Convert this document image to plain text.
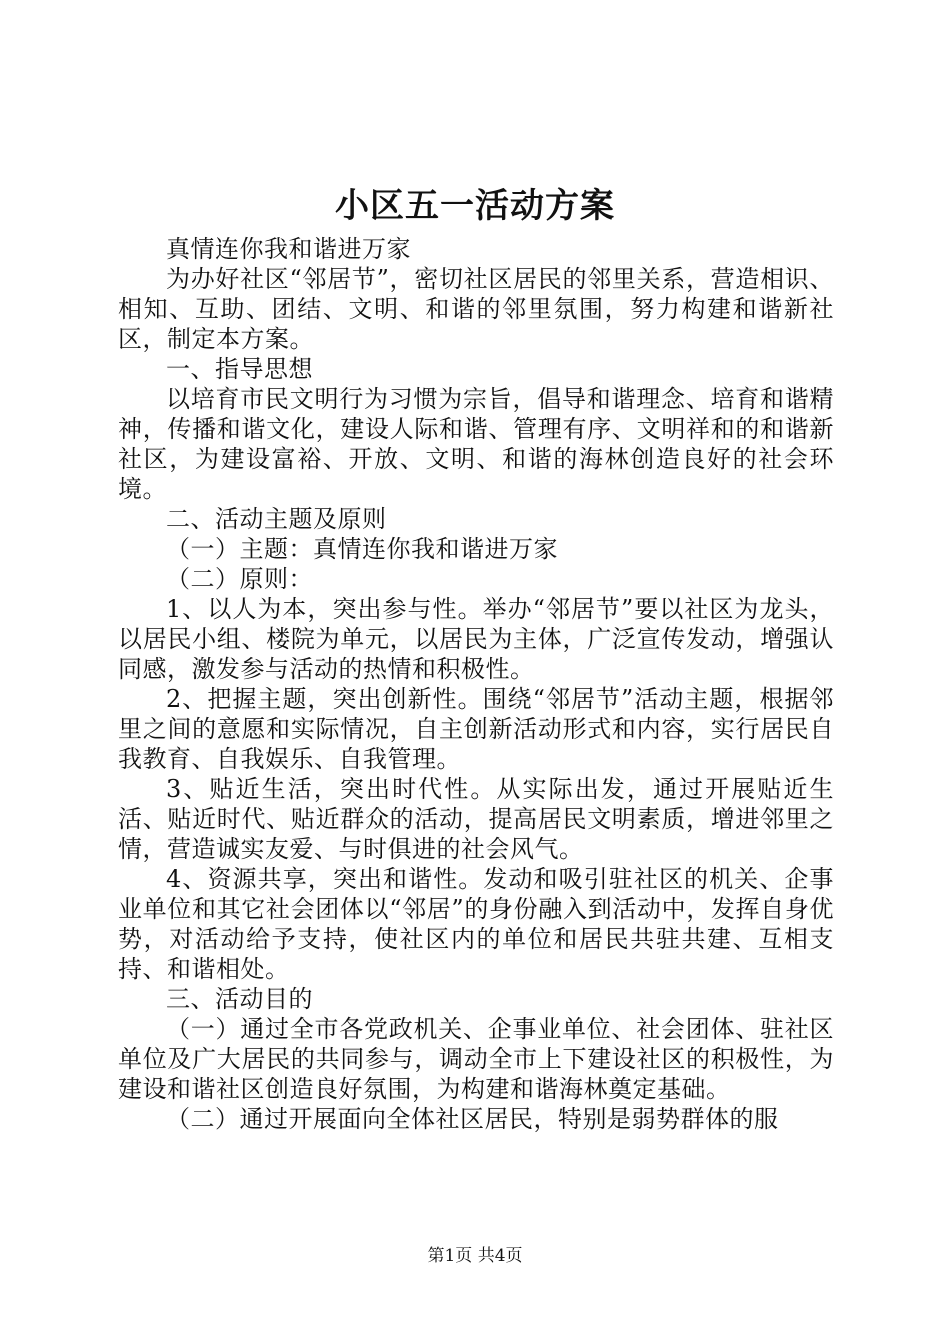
小区五一活动方案

真情连你我和谐进万家

为办好社区“邻居节”，密切社区居民的邻里关系，营造相识、相知、互助、团结、文明、和谐的邻里氛围，努力构建和谐新社区，制定本方案。

一、指导思想

以培育市民文明行为习惯为宗旨，倡导和谐理念、培育和谐精神，传播和谐文化，建设人际和谐、管理有序、文明祥和的和谐新社区，为建设富裕、开放、文明、和谐的海林创造良好的社会环境。

二、活动主题及原则

（一）主题：真情连你我和谐进万家

（二）原则：

1、以人为本，突出参与性。举办“邻居节”要以社区为龙头，以居民小组、楼院为单元，以居民为主体，广泛宣传发动，增强认同感，激发参与活动的热情和积极性。

2、把握主题，突出创新性。围绕“邻居节”活动主题，根据邻里之间的意愿和实际情况，自主创新活动形式和内容，实行居民自我教育、自我娱乐、自我管理。

3、贴近生活，突出时代性。从实际出发，通过开展贴近生活、贴近时代、贴近群众的活动，提高居民文明素质，增进邻里之情，营造诚实友爱、与时俱进的社会风气。

4、资源共享，突出和谐性。发动和吸引驻社区的机关、企事业单位和其它社会团体以“邻居”的身份融入到活动中，发挥自身优势，对活动给予支持，使社区内的单位和居民共驻共建、互相支持、和谐相处。

三、活动目的

（一）通过全市各党政机关、企事业单位、社会团体、驻社区单位及广大居民的共同参与，调动全市上下建设社区的积极性，为建设和谐社区创造良好氛围，为构建和谐海林奠定基础。

（二）通过开展面向全体社区居民，特别是弱势群体的服

第1页 共4页
